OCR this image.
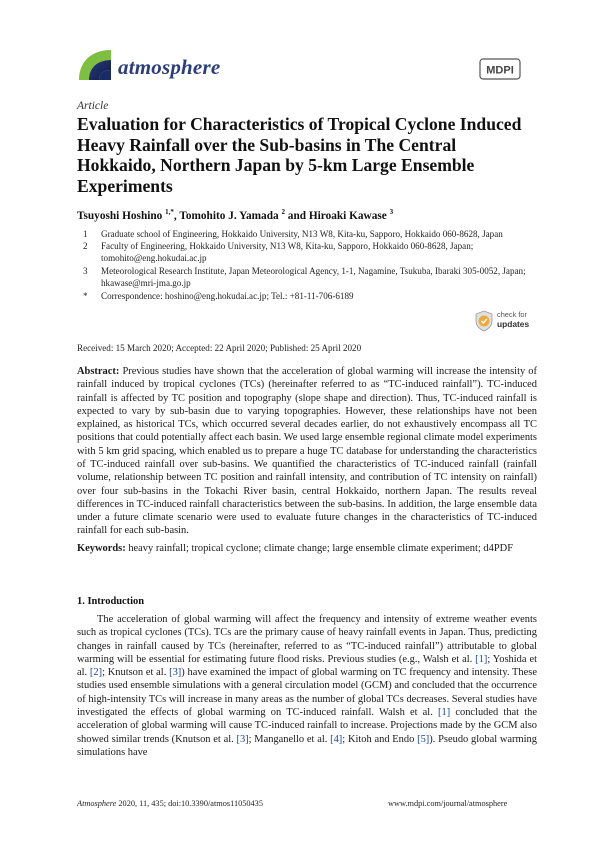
atmosphere	MDPI
Article
Evaluation for Characteristics of Tropical Cyclone Induced Heavy Rainfall over the Sub-basins in The Central Hokkaido, Northern Japan by 5-km Large Ensemble Experiments
Tsuyoshi Hoshino $^{1,*}$, Tomohito J. Yamada $^2$ and Hiroaki Kawase $^3$
1	Graduate school of Engineering, Hokkaido University, N13 W8, Kita-ku, Sapporo, Hokkaido 060-8628, Japan
2	Faculty of Engineering, Hokkaido University, N13 W8, Kita-ku, Sapporo, Hokkaido 060-8628, Japan; tomohito@eng.hokudai.ac.jp
3	Meteorological Research Institute, Japan Meteorological Agency, 1-1, Nagamine, Tsukuba, Ibaraki 305-0052, Japan; hkawase@mri-jma.go.jp
*	Correspondence: hoshino@eng.hokudai.ac.jp; Tel.: +81-11-706-6189
Received: 15 March 2020; Accepted: 22 April 2020; Published: 25 April 2020
check for
updates

Abstract: Previous studies have shown that the acceleration of global warming will increase the intensity of rainfall induced by tropical cyclones (TCs) (hereinafter referred to as “TC-induced rainfall”). TC-induced rainfall is affected by TC position and topography (slope shape and direction). Thus, TC-induced rainfall is expected to vary by sub-basin due to varying topographies. However, these relationships have not been explained, as historical TCs, which occurred several decades earlier, do not exhaustively encompass all TC positions that could potentially affect each basin. We used large ensemble regional climate model experiments with 5 km grid spacing, which enabled us to prepare a huge TC database for understanding the characteristics of TC-induced rainfall over sub-basins. We quantified the characteristics of TC-induced rainfall (rainfall volume, relationship between TC position and rainfall intensity, and contribution of TC intensity on rainfall) over four sub-basins in the Tokachi River basin, central Hokkaido, northern Japan. The results reveal differences in TC-induced rainfall characteristics between the sub-basins. In addition, the large ensemble data under a future climate scenario were used to evaluate future changes in the characteristics of TC-induced rainfall for each sub-basin.

Keywords: heavy rainfall; tropical cyclone; climate change; large ensemble climate experiment; d4PDF
1. Introduction

The acceleration of global warming will affect the frequency and intensity of extreme weather events such as tropical cyclones (TCs). TCs are the primary cause of heavy rainfall events in Japan. Thus, predicting changes in rainfall caused by TCs (hereinafter, referred to as “TC-induced rainfall”) attributable to global warming will be essential for estimating future flood risks. Previous studies (e.g., Walsh et al. [1]; Yoshida et al. [2]; Knutson et al. [3]) have examined the impact of global warming on TC frequency and intensity. These studies used ensemble simulations with a general circulation model (GCM) and concluded that the occurrence of high-intensity TCs will increase in many areas as the number of global TCs decreases. Several studies have investigated the effects of global warming on TC-induced rainfall. Walsh et al. [1] concluded that the acceleration of global warming will cause TC-induced rainfall to increase. Projections made by the GCM also showed similar trends (Knutson et al. [3]; Manganello et al. [4]; Kitoh and Endo [5]). Pseudo global warming simulations have

Atmosphere 2020, 11, 435; doi:10.3390/atmos11050435	www.mdpi.com/journal/atmosphere
